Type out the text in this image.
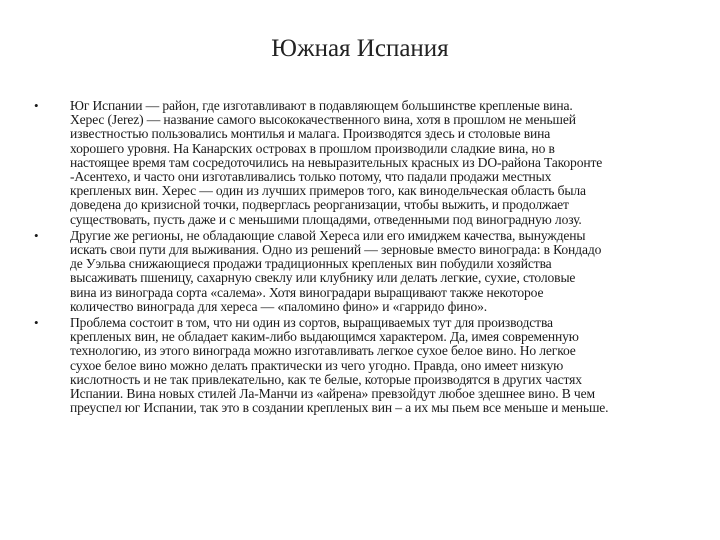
Южная Испания
• Юг Испании — район, где изготавливают в подавляющем большинстве крепленые вина.
Херес (Jerez) — название самого высококачественного вина, хотя в прошлом не меньшей
известностью пользовались монтилья и малага. Производятся здесь и столовые вина
хорошего уровня. На Канарских островах в прошлом производили сладкие вина, но в
настоящее время там сосредоточились на невыразительных красных из DO-района Такоронте
-Асентехо, и часто они изготавливались только потому, что падали продажи местных
крепленых вин. Херес — один из лучших примеров того, как винодельческая область была
доведена до кризисной точки, подверглась реорганизации, чтобы выжить, и продолжает
существовать, пусть даже и с меньшими площадями, отведенными под виноградную лозу.
• Другие же регионы, не обладающие славой Хереса или его имиджем качества, вынуждены
искать свои пути для выживания. Одно из решений — зерновые вместо винограда: в Кондадо
де Уэльва снижающиеся продажи традиционных крепленых вин побудили хозяйства
высаживать пшеницу, сахарную свеклу или клубнику или делать легкие, сухие, столовые
вина из винограда сорта «салема». Хотя виноградари выращивают также некоторое
количество винограда для хереса — «паломино фино» и «гарридо фино».
• Проблема состоит в том, что ни один из сортов, выращиваемых тут для производства
крепленых вин, не обладает каким-либо выдающимся характером. Да, имея современную
технологию, из этого винограда можно изготавливать легкое сухое белое вино. Но легкое
сухое белое вино можно делать практически из чего угодно. Правда, оно имеет низкую
кислотность и не так привлекательно, как те белые, которые производятся в других частях
Испании. Вина новых стилей Ла-Манчи из «айрена» превзойдут любое здешнее вино. В чем
преуспел юг Испании, так это в создании крепленых вин – а их мы пьем все меньше и меньше.
